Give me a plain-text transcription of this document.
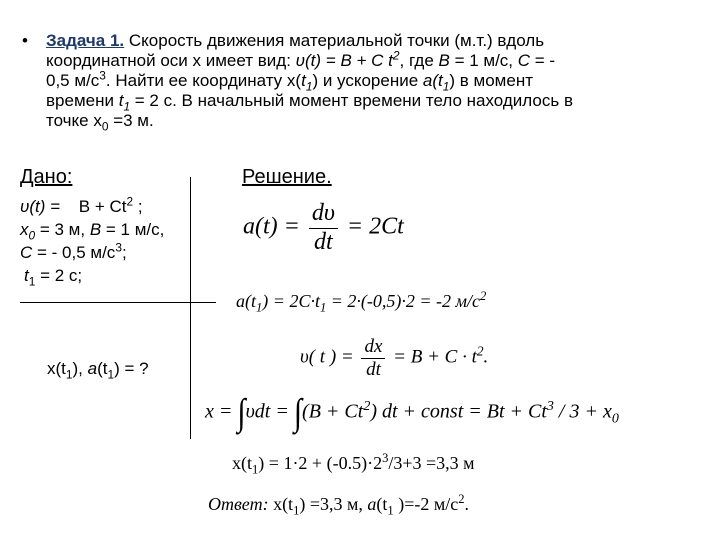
• Задача 1. Скорость движения материальной точки (м.т.) вдоль
координатной оси х имеет вид: υ(t) = B + C $t^2$, где B = 1 м/с, C = -
0,5 $м/с^3$. Найти ее координату $x(t_1)$ и ускорение $a(t_1)$ в момент
времени $t_1 = 2$ с. В начальный момент времени тело находилось в
точке $x_0 =3$ м.
Дано:
$\upsilon(t) = B + Ct^2$ ;
$x_0 = 3$ м, B = 1 м/с,
C = - 0,5 $м/с^3$;
$t_1 = 2$ с;
$x(t_1)$, $a(t_1)$ = ?
Решение.
$a(t) = \frac{d\upsilon}{dt} = 2Ct$
$a(t_1) = 2C\cdot t_1 = 2\cdot(-0,5)\cdot 2 = -2$ $м/с^2$
υ( t ) = $\frac{dx}{dt} = B + C \cdot t^2$.
$x = \int\upsilon dt = \int(B + Ct^2)$ dt + const = $Bt + Ct^3 / 3 + x_0$
$x(t_1) = 1\cdot 2 + (-0.5)\cdot 2^3/3+3 =3,3$ м
Ответ: $x(t_1) =3,3$ м, $a(t_1$ )=-2 $м/с^2$.
